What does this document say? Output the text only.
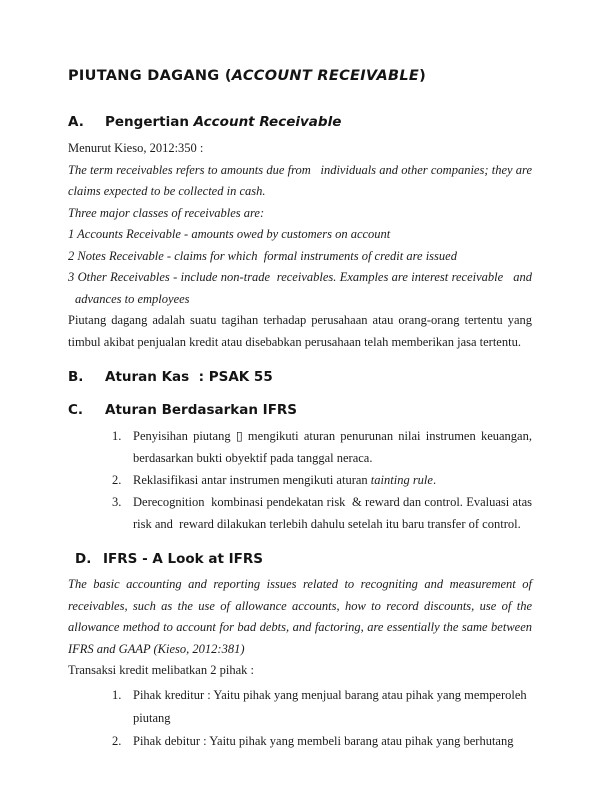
PIUTANG DAGANG (ACCOUNT RECEIVABLE)
A. Pengertian Account Receivable

Menurut Kieso, 2012:350 :

The term receivables refers to amounts due from   individuals and other companies; they are claims expected to be collected in cash.

Three major classes of receivables are:

1 Accounts Receivable - amounts owed by customers on account

2 Notes Receivable - claims for which  formal instruments of credit are issued

3 Other Receivables - include non-trade  receivables. Examples are interest receivable   and advances to employees

Piutang dagang adalah suatu tagihan terhadap perusahaan atau orang-orang tertentu yang timbul akibat penjualan kredit atau disebabkan perusahaan telah memberikan jasa tertentu.

B. Aturan Kas  : PSAK 55
C. Aturan Berdasarkan IFRS
1. Penyisihan piutang ▯ mengikuti aturan penurunan nilai instrumen keuangan, berdasarkan bukti obyektif pada tanggal neraca.
2. Reklasifikasi antar instrumen mengikuti aturan tainting rule.
3. Derecognition  kombinasi pendekatan risk  & reward dan control. Evaluasi atas risk and  reward dilakukan terlebih dahulu setelah itu baru transfer of control.
D. IFRS - A Look at IFRS

The basic accounting and reporting issues related to recogniting and measurement of receivables, such as the use of allowance accounts, how to record discounts, use of the allowance method to account for bad debts, and factoring, are essentially the same between IFRS and GAAP (Kieso, 2012:381)

Transaksi kredit melibatkan 2 pihak :

1. Pihak kreditur : Yaitu pihak yang menjual barang atau pihak yang memperoleh piutang
2. Pihak debitur : Yaitu pihak yang membeli barang atau pihak yang berhutang
